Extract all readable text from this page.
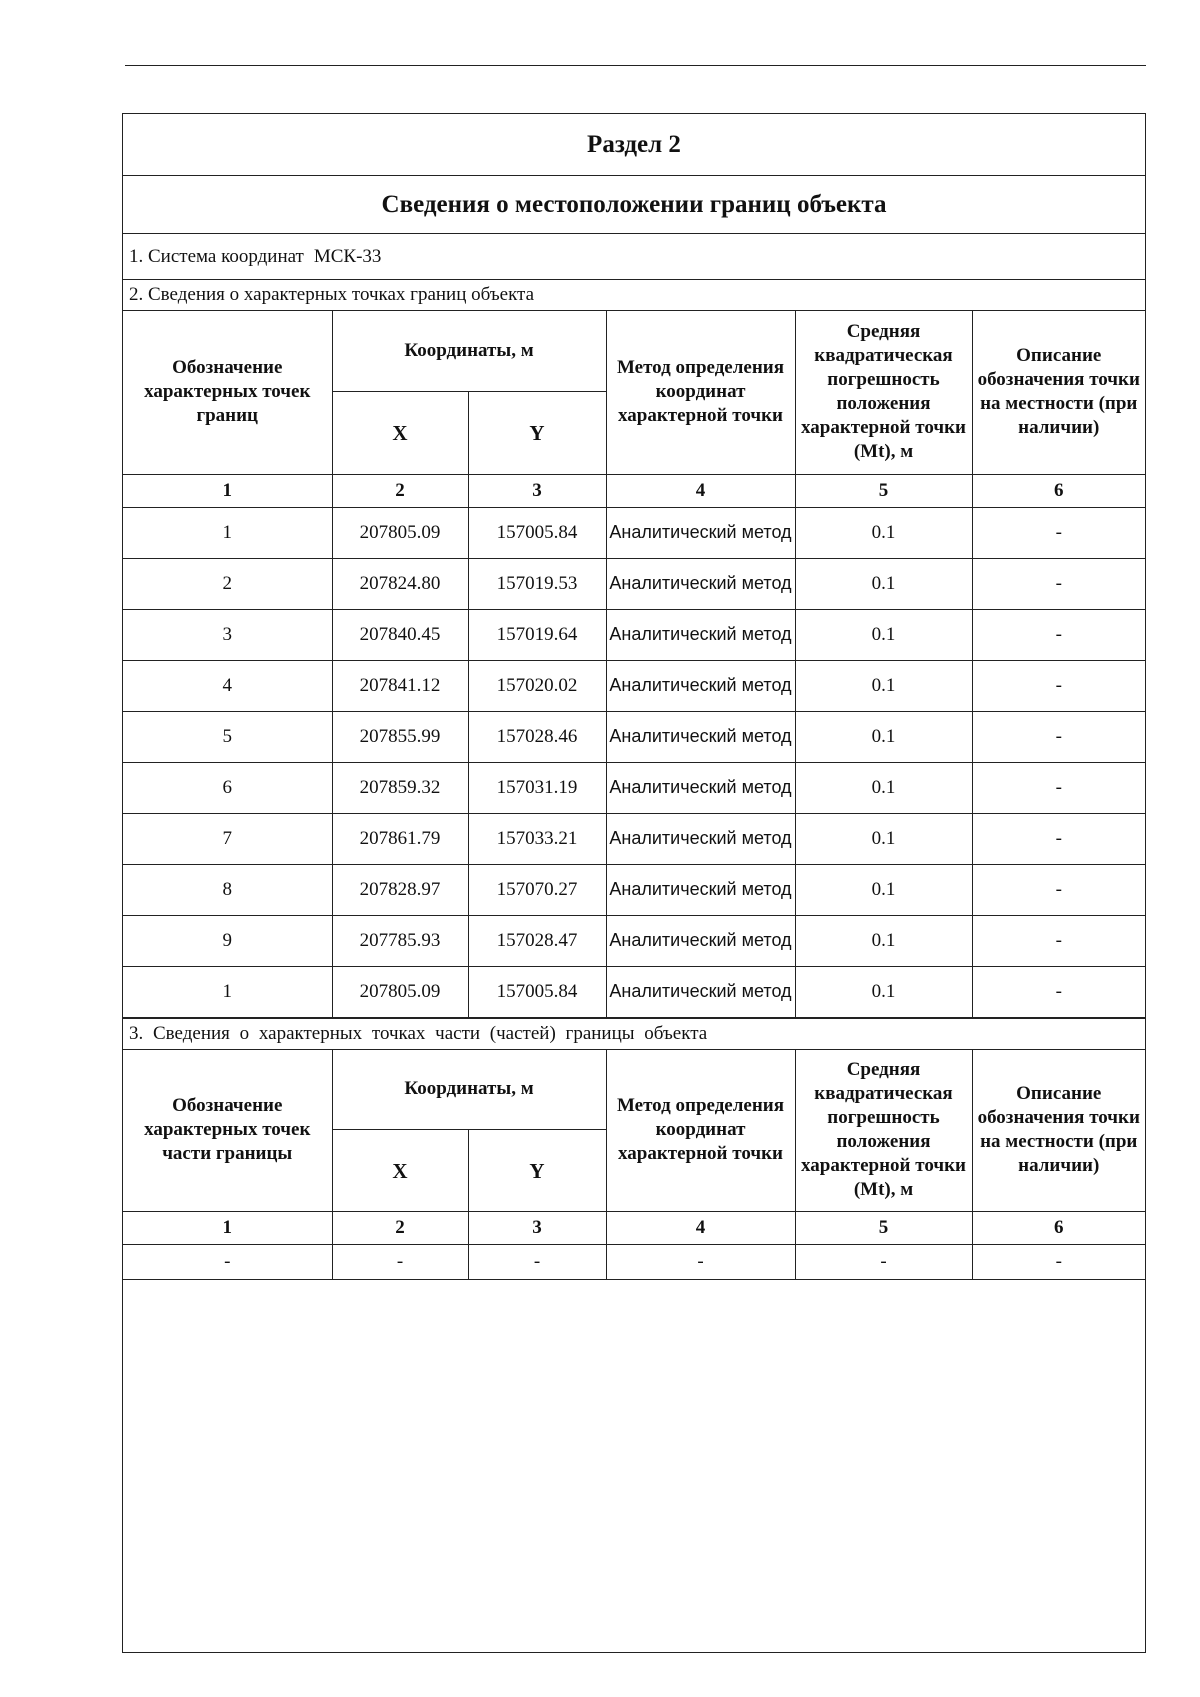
Раздел 2
Сведения о местоположении границ объекта
1. Система координат МСК-33
2. Сведения о характерных точках границ объекта
Обозначение характерных точек границ	Координаты, м		Метод определения координат характерной точки	Средняя квадратическая погрешность положения характерной точки (Mt), м	Описание обозначения точки на местности (при наличии)
	X	Y			
1	2	3	4	5	6
1	207805.09	157005.84	Аналитический метод	0.1	-
2	207824.80	157019.53	Аналитический метод	0.1	-
3	207840.45	157019.64	Аналитический метод	0.1	-
4	207841.12	157020.02	Аналитический метод	0.1	-
5	207855.99	157028.46	Аналитический метод	0.1	-
6	207859.32	157031.19	Аналитический метод	0.1	-
7	207861.79	157033.21	Аналитический метод	0.1	-
8	207828.97	157070.27	Аналитический метод	0.1	-
9	207785.93	157028.47	Аналитический метод	0.1	-
1	207805.09	157005.84	Аналитический метод	0.1	-
3. Сведения о характерных точках части (частей) границы объекта
Обозначение характерных точек части границы	Координаты, м		Метод определения координат характерной точки	Средняя квадратическая погрешность положения характерной точки (Mt), м	Описание обозначения точки на местности (при наличии)
	X	Y			
1	2	3	4	5	6
-	-	-	-	-	-
